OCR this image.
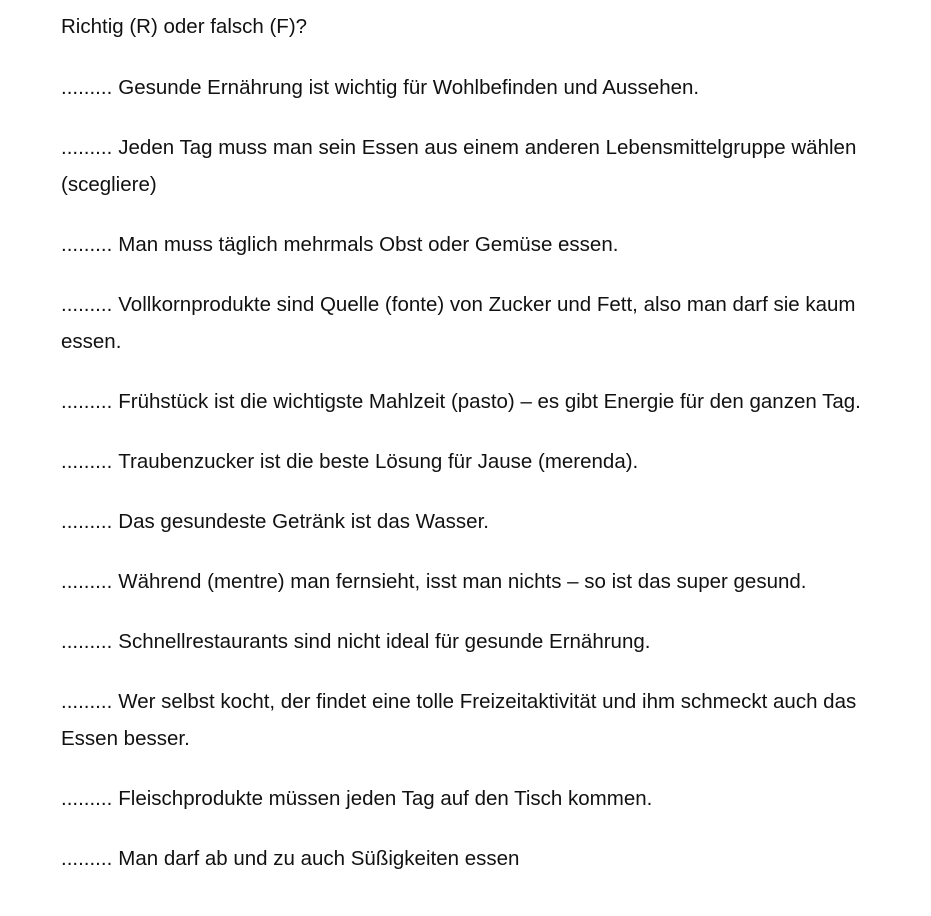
Richtig (R) oder falsch (F)?
......... Gesunde Ernährung ist wichtig für Wohlbefinden und Aussehen.
......... Jeden Tag muss man sein Essen aus einem anderen Lebensmittelgruppe wählen (scegliere)
......... Man muss täglich mehrmals Obst oder Gemüse essen.
......... Vollkornprodukte sind Quelle (fonte) von Zucker und Fett, also man darf sie kaum essen.
......... Frühstück ist die wichtigste Mahlzeit (pasto) – es gibt Energie für den ganzen Tag.
......... Traubenzucker ist die beste Lösung für Jause (merenda).
......... Das gesundeste Getränk ist das Wasser.
......... Während (mentre) man fernsieht, isst man nichts – so ist das super gesund.
......... Schnellrestaurants sind nicht ideal für gesunde Ernährung.
......... Wer selbst kocht, der findet eine tolle Freizeitaktivität und ihm schmeckt auch das Essen besser.
......... Fleischprodukte müssen jeden Tag auf den Tisch kommen.
......... Man darf ab und zu auch Süßigkeiten essen
